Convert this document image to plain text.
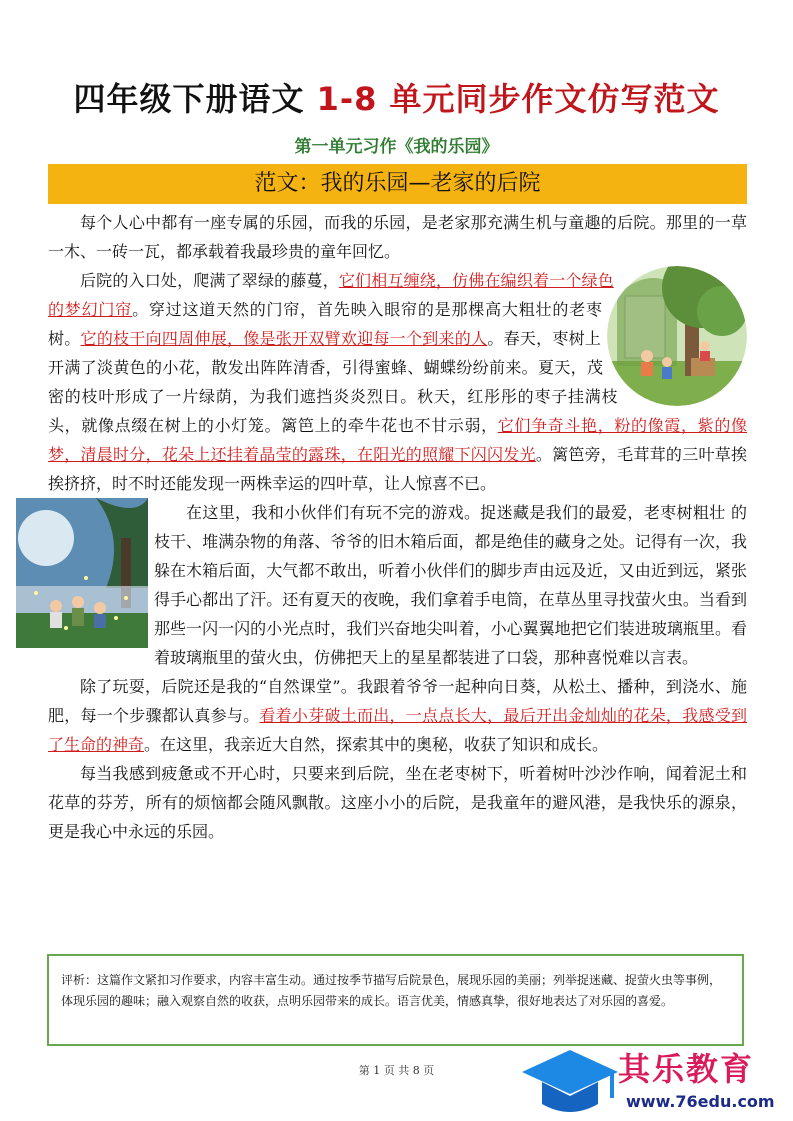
四年级下册语文 1-8 单元同步作文仿写范文
第一单元习作《我的乐园》
范文：我的乐园—老家的后院

每个人心中都有一座专属的乐园，而我的乐园，是老家那充满生机与童趣的后院。那里的一草一木、一砖一瓦，都承载着我最珍贵的童年回忆。

后院的入口处，爬满了翠绿的藤蔓，它们相互缠绕，仿佛在编织着一个绿色的梦幻门帘。穿过这道天然的门帘，首先映入眼帘的是那棵高大粗壮的老枣树。它的枝干向四周伸展，像是张开双臂欢迎每一个到来的人。春天，枣树上开满了淡黄色的小花，散发出阵阵清香，引得蜜蜂、蝴蝶纷纷前来。夏天，茂密的枝叶形成了一片绿荫，为我们遮挡炎炎烈日。秋天，红彤彤的枣子挂满枝头，就像点缀在树上的小灯笼。篱笆上的牵牛花也不甘示弱，它们争奇斗艳，粉的像霞，紫的像梦，清晨时分，花朵上还挂着晶莹的露珠，在阳光的照耀下闪闪发光。篱笆旁，毛茸茸的三叶草挨挨挤挤，时不时还能发现一两株幸运的四叶草，让人惊喜不已。

在这里，我和小伙伴们有玩不完的游戏。捉迷藏是我们的最爱，老枣树粗壮 的枝干、堆满杂物的角落、爷爷的旧木箱后面，都是绝佳的藏身之处。记得有一次，我躲在木箱后面，大气都不敢出，听着小伙伴们的脚步声由远及近，又由近到远，紧张得手心都出了汗。还有夏天的夜晚，我们拿着手电筒，在草丛里寻找萤火虫。当看到那些一闪一闪的小光点时，我们兴奋地尖叫着，小心翼翼地把它们装进玻璃瓶里。看着玻璃瓶里的萤火虫，仿佛把天上的星星都装进了口袋，那种喜悦难以言表。

除了玩耍，后院还是我的“自然课堂”。我跟着爷爷一起种向日葵，从松土、播种，到浇水、施肥，每一个步骤都认真参与。看着小芽破土而出，一点点长大，最后开出金灿灿的花朵，我感受到了生命的神奇。在这里，我亲近大自然，探索其中的奥秘，收获了知识和成长。

每当我感到疲惫或不开心时，只要来到后院，坐在老枣树下，听着树叶沙沙作响，闻着泥土和花草的芬芳，所有的烦恼都会随风飘散。这座小小的后院，是我童年的避风港，是我快乐的源泉，更是我心中永远的乐园。

评析：这篇作文紧扣习作要求，内容丰富生动。通过按季节描写后院景色，展现乐园的美丽；列举捉迷藏、捉萤火虫等事例，体现乐园的趣味；融入观察自然的收获，点明乐园带来的成长。语言优美，情感真挚，很好地表达了对乐园的喜爱。
第 1 页 共 8 页	其乐教育
www.76edu.com
